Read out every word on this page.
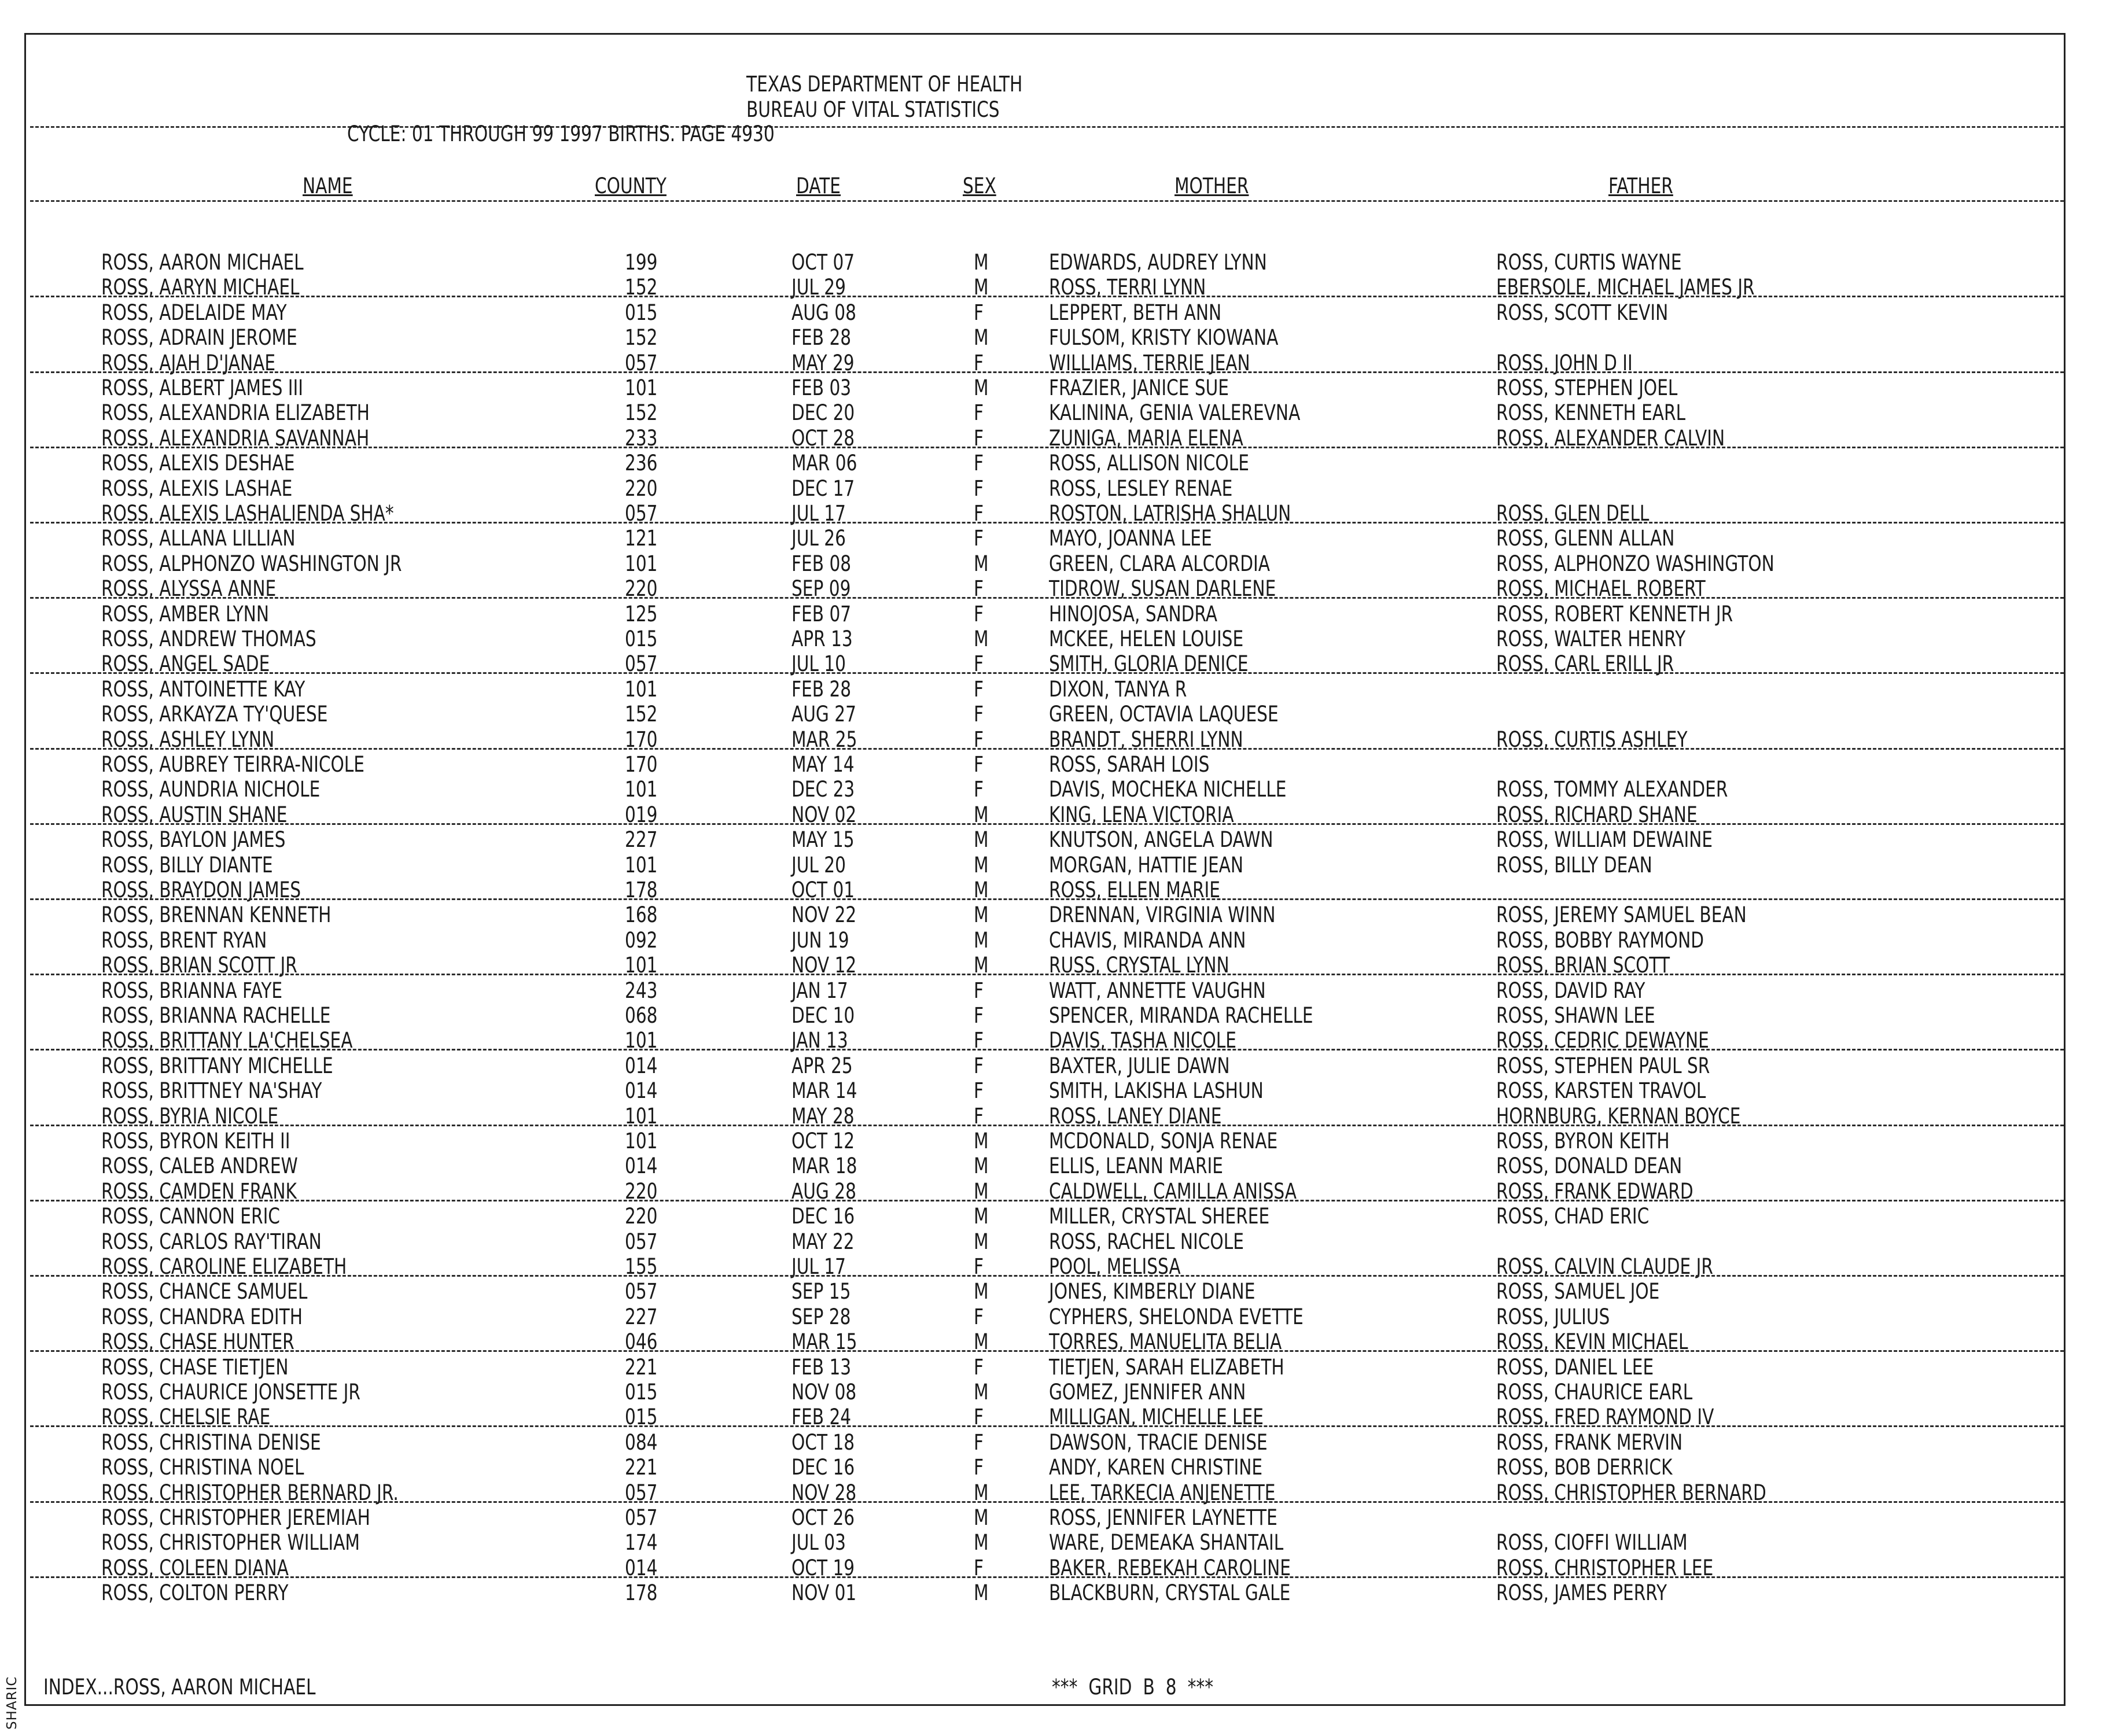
SHARIC
TEXAS DEPARTMENT OF HEALTH
BUREAU OF VITAL STATISTICS
CYCLE: 01 THROUGH 99 1997 BIRTHS. PAGE 4930
NAME	COUNTY	DATE	SEX	MOTHER	FATHER
ROSS, AARON MICHAEL	199	OCT 07	M	EDWARDS, AUDREY LYNN	ROSS, CURTIS WAYNE
ROSS, AARYN MICHAEL	152	JUL 29	M	ROSS, TERRI LYNN	EBERSOLE, MICHAEL JAMES JR
ROSS, ADELAIDE MAY	015	AUG 08	F	LEPPERT, BETH ANN	ROSS, SCOTT KEVIN
ROSS, ADRAIN JEROME	152	FEB 28	M	FULSOM, KRISTY KIOWANA
ROSS, AJAH D'JANAE	057	MAY 29	F	WILLIAMS, TERRIE JEAN	ROSS, JOHN D II
ROSS, ALBERT JAMES III	101	FEB 03	M	FRAZIER, JANICE SUE	ROSS, STEPHEN JOEL
ROSS, ALEXANDRIA ELIZABETH	152	DEC 20	F	KALININA, GENIA VALEREVNA	ROSS, KENNETH EARL
ROSS, ALEXANDRIA SAVANNAH	233	OCT 28	F	ZUNIGA, MARIA ELENA	ROSS, ALEXANDER CALVIN
ROSS, ALEXIS DESHAE	236	MAR 06	F	ROSS, ALLISON NICOLE
ROSS, ALEXIS LASHAE	220	DEC 17	F	ROSS, LESLEY RENAE
ROSS, ALEXIS LASHALIENDA SHA*	057	JUL 17	F	ROSTON, LATRISHA SHALUN	ROSS, GLEN DELL
ROSS, ALLANA LILLIAN	121	JUL 26	F	MAYO, JOANNA LEE	ROSS, GLENN ALLAN
ROSS, ALPHONZO WASHINGTON JR	101	FEB 08	M	GREEN, CLARA ALCORDIA	ROSS, ALPHONZO WASHINGTON
ROSS, ALYSSA ANNE	220	SEP 09	F	TIDROW, SUSAN DARLENE	ROSS, MICHAEL ROBERT
ROSS, AMBER LYNN	125	FEB 07	F	HINOJOSA, SANDRA	ROSS, ROBERT KENNETH JR
ROSS, ANDREW THOMAS	015	APR 13	M	MCKEE, HELEN LOUISE	ROSS, WALTER HENRY
ROSS, ANGEL SADE	057	JUL 10	F	SMITH, GLORIA DENICE	ROSS, CARL ERILL JR
ROSS, ANTOINETTE KAY	101	FEB 28	F	DIXON, TANYA R
ROSS, ARKAYZA TY'QUESE	152	AUG 27	F	GREEN, OCTAVIA LAQUESE
ROSS, ASHLEY LYNN	170	MAR 25	F	BRANDT, SHERRI LYNN	ROSS, CURTIS ASHLEY
ROSS, AUBREY TEIRRA-NICOLE	170	MAY 14	F	ROSS, SARAH LOIS
ROSS, AUNDRIA NICHOLE	101	DEC 23	F	DAVIS, MOCHEKA NICHELLE	ROSS, TOMMY ALEXANDER
ROSS, AUSTIN SHANE	019	NOV 02	M	KING, LENA VICTORIA	ROSS, RICHARD SHANE
ROSS, BAYLON JAMES	227	MAY 15	M	KNUTSON, ANGELA DAWN	ROSS, WILLIAM DEWAINE
ROSS, BILLY DIANTE	101	JUL 20	M	MORGAN, HATTIE JEAN	ROSS, BILLY DEAN
ROSS, BRAYDON JAMES	178	OCT 01	M	ROSS, ELLEN MARIE
ROSS, BRENNAN KENNETH	168	NOV 22	M	DRENNAN, VIRGINIA WINN	ROSS, JEREMY SAMUEL BEAN
ROSS, BRENT RYAN	092	JUN 19	M	CHAVIS, MIRANDA ANN	ROSS, BOBBY RAYMOND
ROSS, BRIAN SCOTT JR	101	NOV 12	M	RUSS, CRYSTAL LYNN	ROSS, BRIAN SCOTT
ROSS, BRIANNA FAYE	243	JAN 17	F	WATT, ANNETTE VAUGHN	ROSS, DAVID RAY
ROSS, BRIANNA RACHELLE	068	DEC 10	F	SPENCER, MIRANDA RACHELLE	ROSS, SHAWN LEE
ROSS, BRITTANY LA'CHELSEA	101	JAN 13	F	DAVIS, TASHA NICOLE	ROSS, CEDRIC DEWAYNE
ROSS, BRITTANY MICHELLE	014	APR 25	F	BAXTER, JULIE DAWN	ROSS, STEPHEN PAUL SR
ROSS, BRITTNEY NA'SHAY	014	MAR 14	F	SMITH, LAKISHA LASHUN	ROSS, KARSTEN TRAVOL
ROSS, BYRIA NICOLE	101	MAY 28	F	ROSS, LANEY DIANE	HORNBURG, KERNAN BOYCE
ROSS, BYRON KEITH II	101	OCT 12	M	MCDONALD, SONJA RENAE	ROSS, BYRON KEITH
ROSS, CALEB ANDREW	014	MAR 18	M	ELLIS, LEANN MARIE	ROSS, DONALD DEAN
ROSS, CAMDEN FRANK	220	AUG 28	M	CALDWELL, CAMILLA ANISSA	ROSS, FRANK EDWARD
ROSS, CANNON ERIC	220	DEC 16	M	MILLER, CRYSTAL SHEREE	ROSS, CHAD ERIC
ROSS, CARLOS RAY'TIRAN	057	MAY 22	M	ROSS, RACHEL NICOLE
ROSS, CAROLINE ELIZABETH	155	JUL 17	F	POOL, MELISSA	ROSS, CALVIN CLAUDE JR
ROSS, CHANCE SAMUEL	057	SEP 15	M	JONES, KIMBERLY DIANE	ROSS, SAMUEL JOE
ROSS, CHANDRA EDITH	227	SEP 28	F	CYPHERS, SHELONDA EVETTE	ROSS, JULIUS
ROSS, CHASE HUNTER	046	MAR 15	M	TORRES, MANUELITA BELIA	ROSS, KEVIN MICHAEL
ROSS, CHASE TIETJEN	221	FEB 13	F	TIETJEN, SARAH ELIZABETH	ROSS, DANIEL LEE
ROSS, CHAURICE JONSETTE JR	015	NOV 08	M	GOMEZ, JENNIFER ANN	ROSS, CHAURICE EARL
ROSS, CHELSIE RAE	015	FEB 24	F	MILLIGAN, MICHELLE LEE	ROSS, FRED RAYMOND IV
ROSS, CHRISTINA DENISE	084	OCT 18	F	DAWSON, TRACIE DENISE	ROSS, FRANK MERVIN
ROSS, CHRISTINA NOEL	221	DEC 16	F	ANDY, KAREN CHRISTINE	ROSS, BOB DERRICK
ROSS, CHRISTOPHER BERNARD JR.	057	NOV 28	M	LEE, TARKECIA ANJENETTE	ROSS, CHRISTOPHER BERNARD
ROSS, CHRISTOPHER JEREMIAH	057	OCT 26	M	ROSS, JENNIFER LAYNETTE
ROSS, CHRISTOPHER WILLIAM	174	JUL 03	M	WARE, DEMEAKA SHANTAIL	ROSS, CIOFFI WILLIAM
ROSS, COLEEN DIANA	014	OCT 19	F	BAKER, REBEKAH CAROLINE	ROSS, CHRISTOPHER LEE
ROSS, COLTON PERRY	178	NOV 01	M	BLACKBURN, CRYSTAL GALE	ROSS, JAMES PERRY
INDEX...ROSS, AARON MICHAEL	*** GRID B 8 ***
